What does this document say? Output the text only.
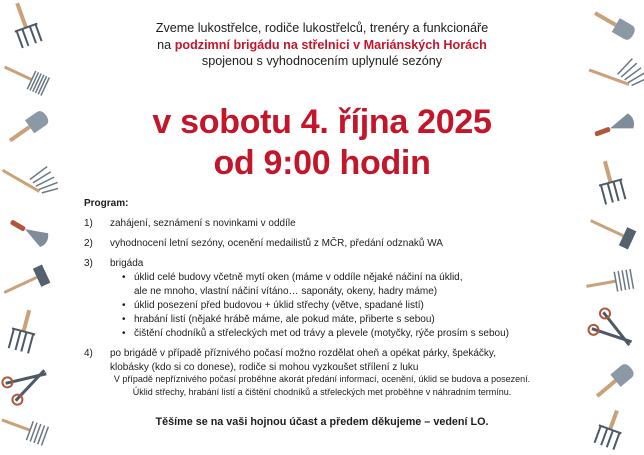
Zveme lukostřelce, rodiče lukostřelců, trenéry a funkcionáře
na podzimní brigádu na střelnici v Mariánských Horách
spojenou s vyhodnocením uplynulé sezóny
v sobotu 4. října 2025
od 9:00 hodin
Program:
1) zahájení, seznámení s novinkami v oddíle
2) vyhodnocení letní sezóny, ocenění medailistů z MČR, předání odznaků WA
3) brigáda
• úklid celé budovy včetně mytí oken (máme v oddíle nějaké náčiní na úklid,
ale ne mnoho, vlastní náčiní vítáno… saponáty, okeny, hadry máme)
• úklid posezení před budovou + úklid střechy (větve, spadané listí)
• hrabání listí (nějaké hrábě máme, ale pokud máte, přiberte s sebou)
• čištění chodníků a střeleckých met od trávy a plevele (motyčky, rýče prosím s sebou)
4) po brigádě v případě příznivého počasí možno rozdělat oheň a opékat párky, špekáčky,
klobásky (kdo si co donese), rodiče si mohou vyzkoušet střílení z luku
V případě nepříznivého počasí proběhne akorát předání informací, ocenění, úklid se budova a posezení.
Úklid střechy, hrabání listí a čištění chodníků a střeleckých met proběhne v náhradním termínu.
Těšíme se na vaši hojnou účast a předem děkujeme – vedení LO.
